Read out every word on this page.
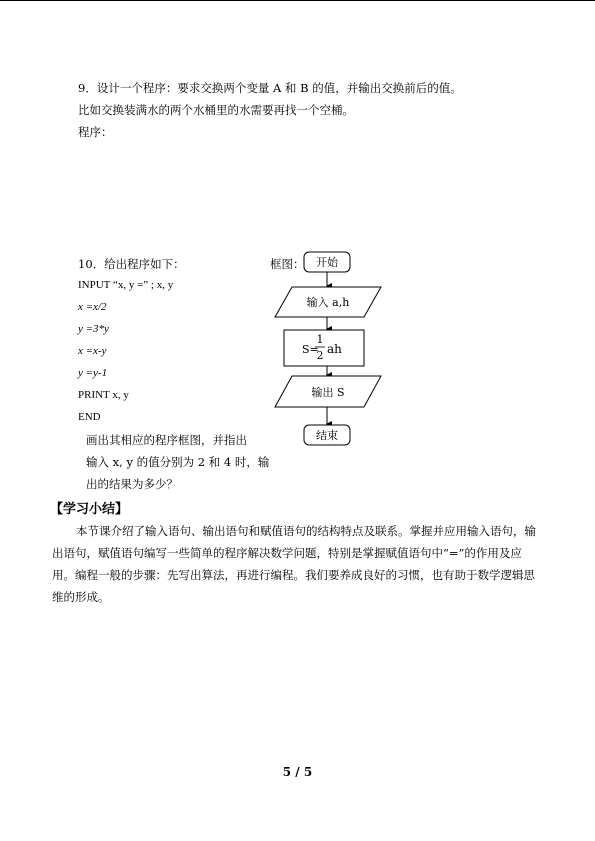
9．设计一个程序：要求交换两个变量 A 和 B 的值，并输出交换前后的值。
比如交换装满水的两个水桶里的水需要再找一个空桶。
程序：
10．给出程序如下：
INPUT “x, y =” ; x, y
x =x/2
y =3*y
x =x-y
y =y-1
PRINT x, y
END
画出其相应的程序框图，并指出
输入 x, y 的值分别为 2 和 4 时，输
出的结果为多少？
框图： 开始
输入 a,h
S=
1
2 ah
输出 S
结束
【学习小结】
本节课介绍了输入语句、输出语句和赋值语句的结构特点及联系。掌握并应用输入语句，输出语句，赋值语句编写一些简单的程序解决数学问题，特别是掌握赋值语句中“=”的作用及应用。编程一般的步骤：先写出算法，再进行编程。我们要养成良好的习惯，也有助于数学逻辑思维的形成。
5 / 5
